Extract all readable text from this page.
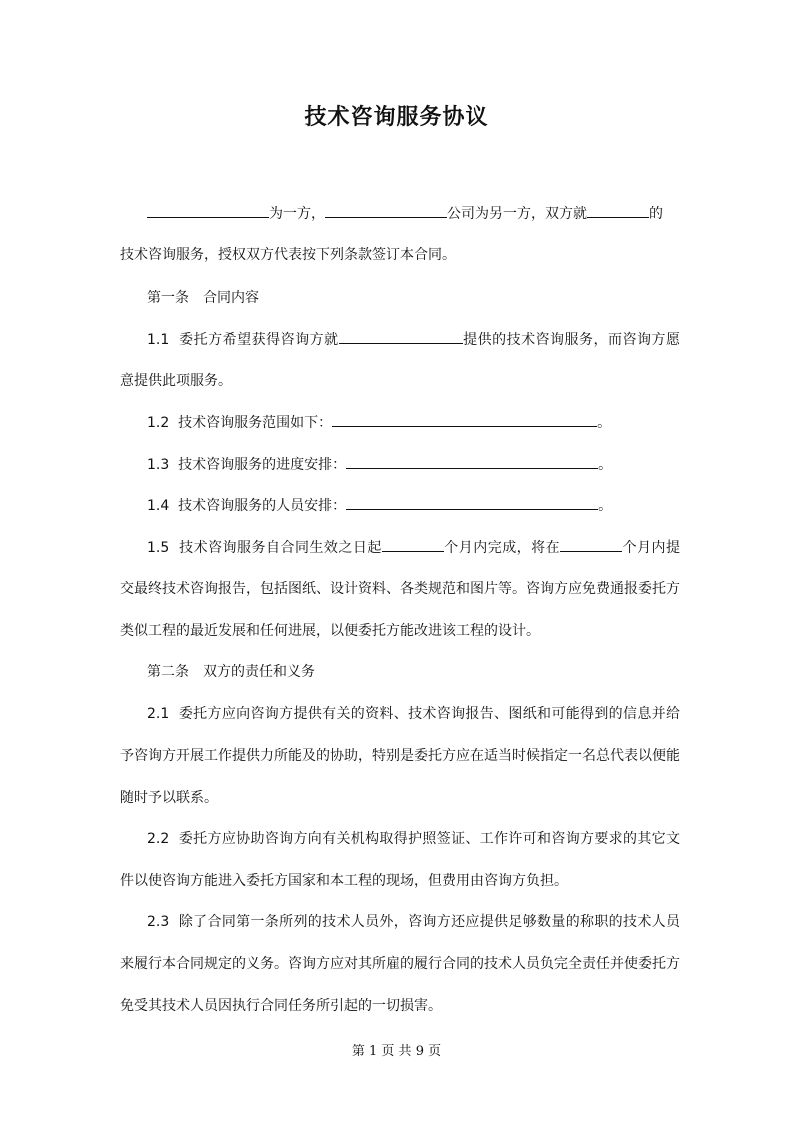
技术咨询服务协议
为一方，	公司为另一方，双方就	的
技术咨询服务，授权双方代表按下列条款签订本合同。
第一条　合同内容
1.1 委托方希望获得咨询方就	提供的技术咨询服务，而咨询方愿
意提供此项服务。
1.2 技术咨询服务范围如下：	。
1.3 技术咨询服务的进度安排：	。
1.4 技术咨询服务的人员安排：	。
1.5 技术咨询服务自合同生效之日起	个月内完成，将在	个月内提
交最终技术咨询报告，包括图纸、设计资料、各类规范和图片等。咨询方应免费通报委托方
类似工程的最近发展和任何进展，以便委托方能改进该工程的设计。
第二条　双方的责任和义务
2.1 委托方应向咨询方提供有关的资料、技术咨询报告、图纸和可能得到的信息并给
予咨询方开展工作提供力所能及的协助，特别是委托方应在适当时候指定一名总代表以便能
随时予以联系。
2.2 委托方应协助咨询方向有关机构取得护照签证、工作许可和咨询方要求的其它文
件以使咨询方能进入委托方国家和本工程的现场，但费用由咨询方负担。
2.3 除了合同第一条所列的技术人员外，咨询方还应提供足够数量的称职的技术人员
来履行本合同规定的义务。咨询方应对其所雇的履行合同的技术人员负完全责任并使委托方
免受其技术人员因执行合同任务所引起的一切损害。
第 1 页 共 9 页
